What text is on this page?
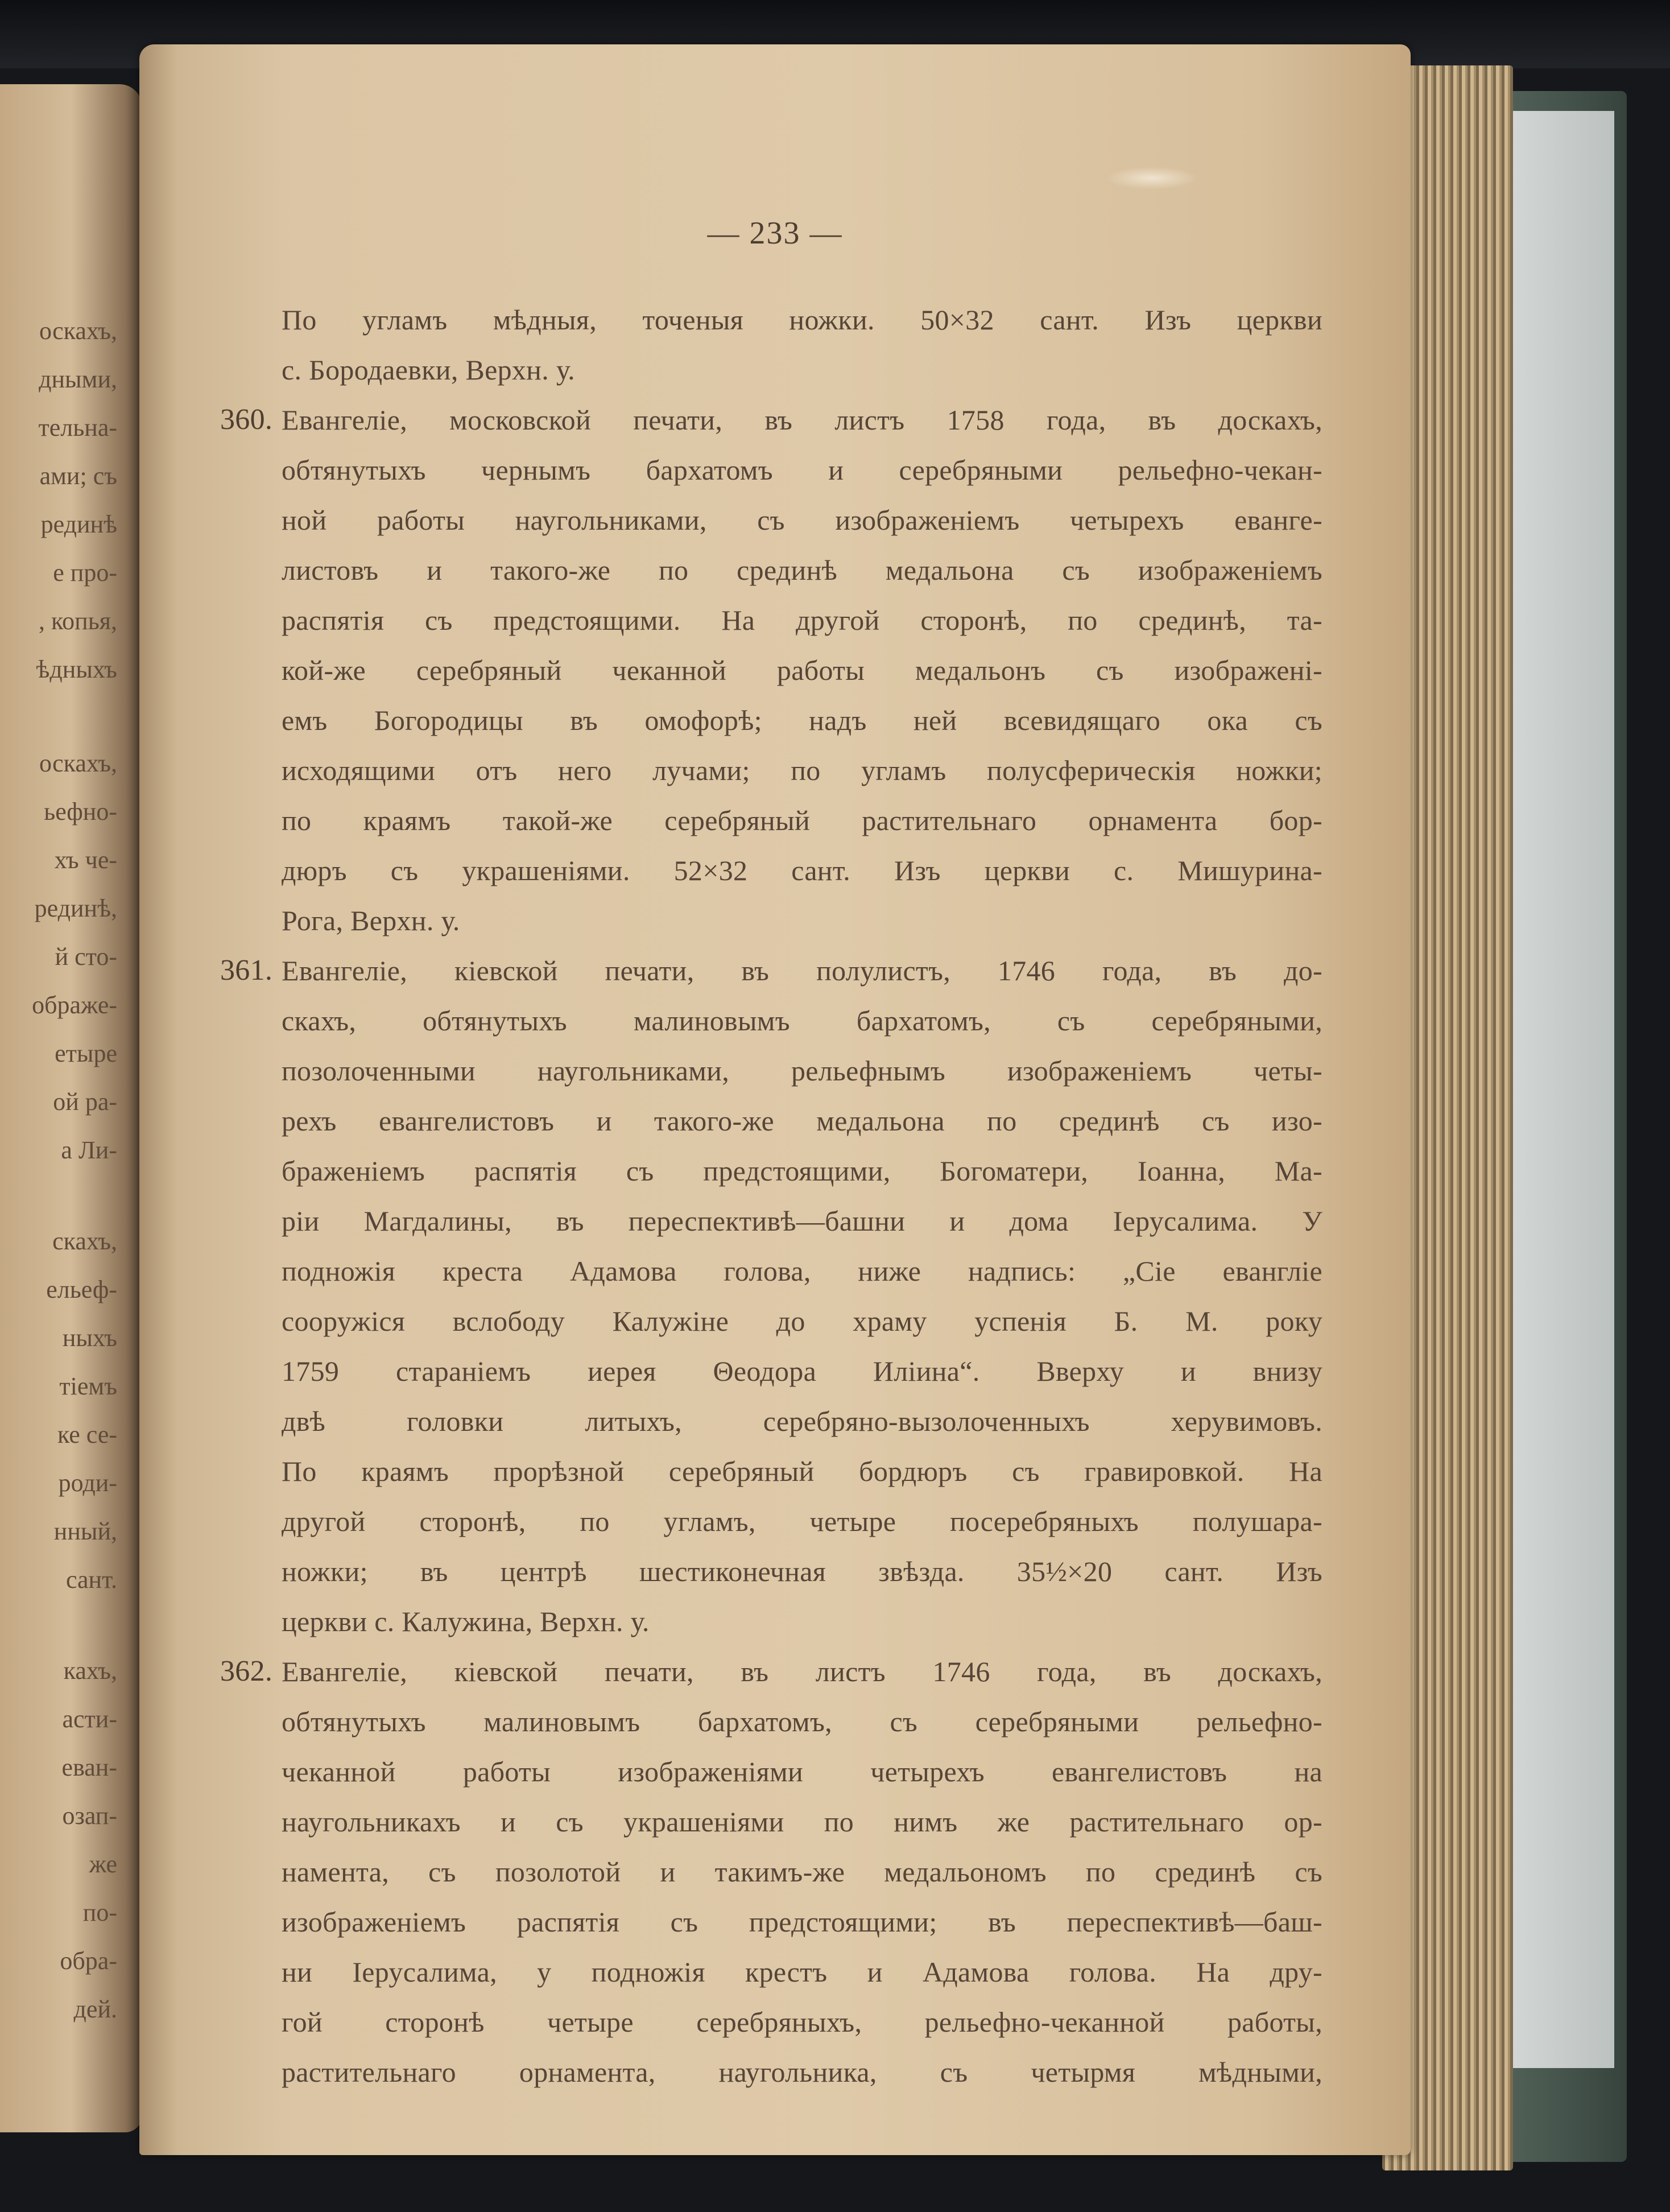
оскахъ,

дными,

тельна-

ами; съ

рединѣ

е про-

, копья,

ѣдныхъ

оскахъ,

ьефно-

хъ че-

рединѣ,

й сто-

ображе-

етыре

ой ра-

а Ли-

скахъ,

ельеф-

ныхъ

тіемъ

ке се-

роди-

нный,

сант.

кахъ,

асти-

еван-

озап-

же

по-

обра-

дей.

— 233 —

По угламъ мѣдныя, точеныя ножки. 50×32 сант. Изъ церкви

с. Бородаевки, Верхн. у.

360. Евангеліе, московской печати, въ листъ 1758 года, въ доскахъ,

обтянутыхъ чернымъ бархатомъ и серебряными рельефно-чекан-

ной работы наугольниками, съ изображеніемъ четырехъ еванге-

листовъ и такого-же по срединѣ медальона съ изображеніемъ

распятія съ предстоящими. На другой сторонѣ, по срединѣ, та-

кой-же серебряный чеканной работы медальонъ съ изображені-

емъ Богородицы въ омофорѣ; надъ ней всевидящаго ока съ

исходящими отъ него лучами; по угламъ полусферическія ножки;

по краямъ такой-же серебряный растительнаго орнамента бор-

дюръ съ украшеніями. 52×32 сант. Изъ церкви с. Мишурина-

Рога, Верхн. у.

361. Евангеліе, кіевской печати, въ полулистъ, 1746 года, въ до-

скахъ, обтянутыхъ малиновымъ бархатомъ, съ серебряными,

позолоченными наугольниками, рельефнымъ изображеніемъ четы-

рехъ евангелистовъ и такого-же медальона по срединѣ съ изо-

браженіемъ распятія съ предстоящими, Богоматери, Іоанна, Ма-

ріи Магдалины, въ переспективѣ—башни и дома Іерусалима. У

подножія креста Адамова голова, ниже надпись: „Сіе евангліе

сооружіся вслободу Калужіне до храму успенія Б. М. року

1759 стараніемъ иерея Θеодора Иліина“. Вверху и внизу

двѣ головки литыхъ, серебряно-вызолоченныхъ херувимовъ.

По краямъ прорѣзной серебряный бордюръ съ гравировкой. На

другой сторонѣ, по угламъ, четыре посеребряныхъ полушара-

ножки; въ центрѣ шестиконечная звѣзда. 35½×20 сант. Изъ

церкви с. Калужина, Верхн. у.

362. Евангеліе, кіевской печати, въ листъ 1746 года, въ доскахъ,

обтянутыхъ малиновымъ бархатомъ, съ серебряными рельефно-

чеканной работы изображеніями четырехъ евангелистовъ на

наугольникахъ и съ украшеніями по нимъ же растительнаго ор-

намента, съ позолотой и такимъ-же медальономъ по срединѣ съ

изображеніемъ распятія съ предстоящими; въ переспективѣ—баш-

ни Іерусалима, у подножія крестъ и Адамова голова. На дру-

гой сторонѣ четыре серебряныхъ, рельефно-чеканной работы,

растительнаго орнамента, наугольника, съ четырмя мѣдными,
